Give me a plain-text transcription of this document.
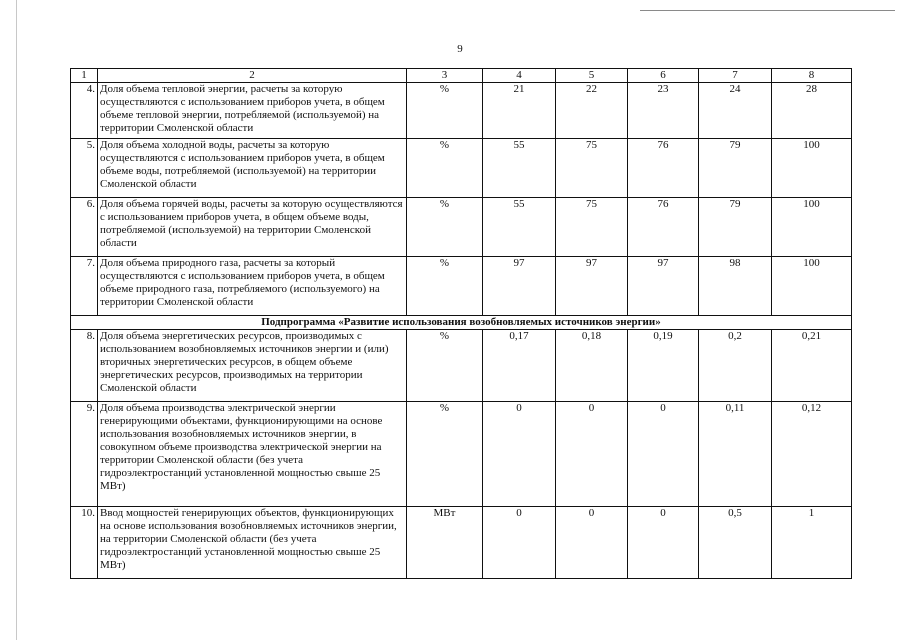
9
1	2	3	4	5	6	7	8
4.	Доля объема тепловой энергии, расчеты за которую осуществляются с использованием приборов учета, в общем объеме тепловой энергии, потребляемой (используемой) на территории Смоленской области	%	21	22	23	24	28
5.	Доля объема холодной воды, расчеты за которую осуществляются с использованием приборов учета, в общем объеме воды, потребляемой (используемой) на территории Смоленской области	%	55	75	76	79	100
6.	Доля объема горячей воды, расчеты за которую осуществляются с использованием приборов учета, в общем объеме воды, потребляемой (используемой) на территории Смоленской области	%	55	75	76	79	100
7.	Доля объема природного газа, расчеты за который осуществляются с использованием приборов учета, в общем объеме природного газа, потребляемого (используемого) на территории Смоленской области	%	97	97	97	98	100
Подпрограмма «Развитие использования возобновляемых источников энергии»							
8.	Доля объема энергетических ресурсов, производимых с использованием возобновляемых источников энергии и (или) вторичных энергетических ресурсов, в общем объеме энергетических ресурсов, производимых на территории Смоленской области	%	0,17	0,18	0,19	0,2	0,21
9.	Доля объема производства электрической энергии генерирующими объектами, функционирующими на основе использования возобновляемых источников энергии, в совокупном объеме производства электрической энергии на территории Смоленской области (без учета гидроэлектростанций установленной мощностью свыше 25 МВт)	%	0	0	0	0,11	0,12
10.	Ввод мощностей генерирующих объектов, функционирующих на основе использования возобновляемых источников энергии, на территории Смоленской области (без учета гидроэлектростанций установленной мощностью свыше 25 МВт)	МВт	0	0	0	0,5	1
